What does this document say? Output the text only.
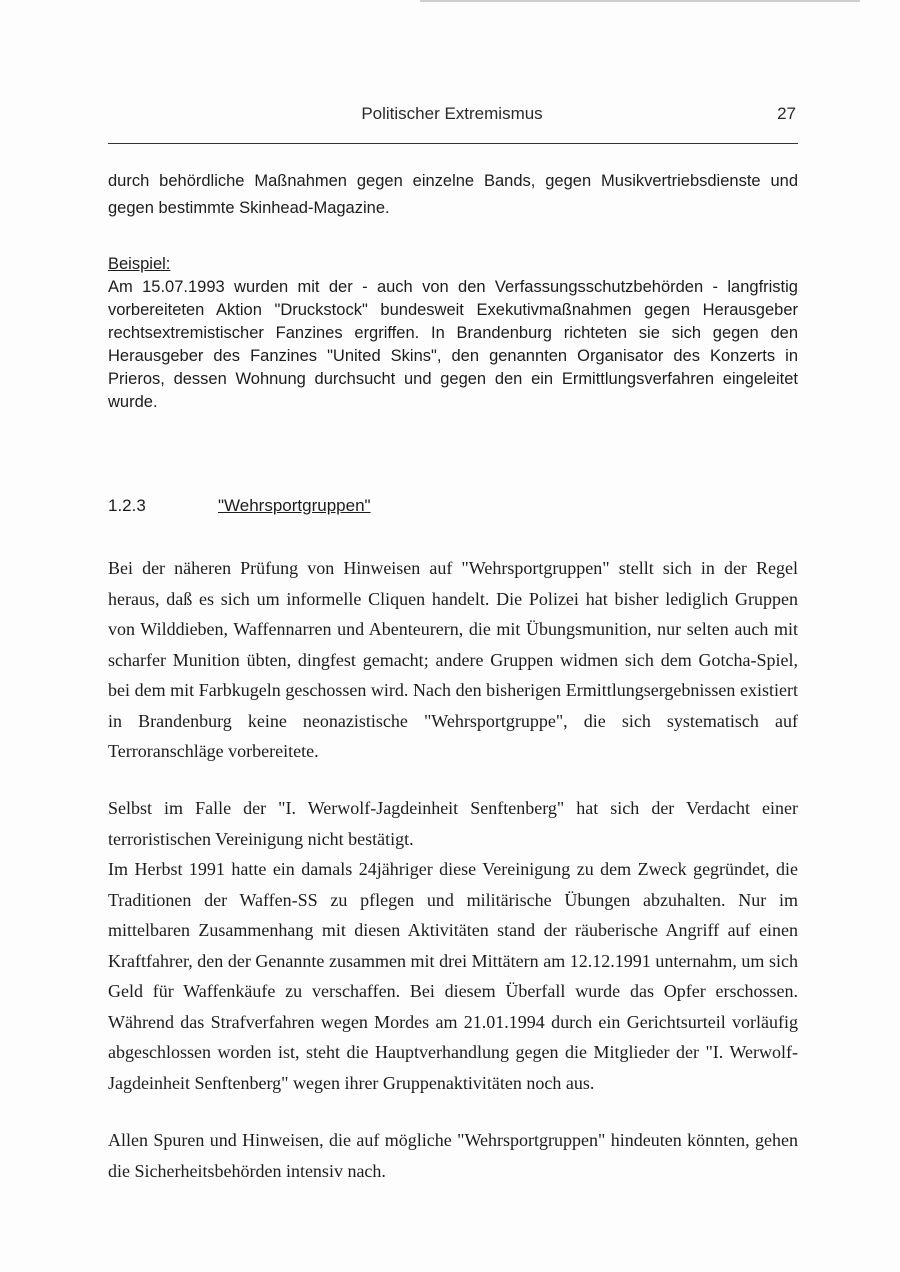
Politischer Extremismus	27

durch behördliche Maßnahmen gegen einzelne Bands, gegen Musikvertriebsdienste und gegen bestimmte Skinhead-Magazine.

Beispiel:

Am 15.07.1993 wurden mit der - auch von den Verfassungsschutzbehörden - langfristig vorbereiteten Aktion "Druckstock" bundesweit Exekutivmaßnahmen gegen Herausgeber rechtsextremistischer Fanzines ergriffen. In Brandenburg richteten sie sich gegen den Herausgeber des Fanzines "United Skins", den genannten Organisator des Konzerts in Prieros, dessen Wohnung durchsucht und gegen den ein Ermittlungsverfahren eingeleitet wurde.

1.2.3	"Wehrsportgruppen"

Bei der näheren Prüfung von Hinweisen auf "Wehrsportgruppen" stellt sich in der Regel heraus, daß es sich um informelle Cliquen handelt. Die Polizei hat bisher lediglich Gruppen von Wilddieben, Waffennarren und Abenteurern, die mit Übungsmunition, nur selten auch mit scharfer Munition übten, dingfest gemacht; andere Gruppen widmen sich dem Gotcha-Spiel, bei dem mit Farbkugeln geschossen wird. Nach den bisherigen Ermittlungsergebnissen existiert in Brandenburg keine neonazistische "Wehrsportgruppe", die sich systematisch auf Terroranschläge vorbereitete.

Selbst im Falle der "I. Werwolf-Jagdeinheit Senftenberg" hat sich der Verdacht einer terroristischen Vereinigung nicht bestätigt.

Im Herbst 1991 hatte ein damals 24jähriger diese Vereinigung zu dem Zweck gegründet, die Traditionen der Waffen-SS zu pflegen und militärische Übungen abzuhalten. Nur im mittelbaren Zusammenhang mit diesen Aktivitäten stand der räuberische Angriff auf einen Kraftfahrer, den der Genannte zusammen mit drei Mittätern am 12.12.1991 unternahm, um sich Geld für Waffenkäufe zu verschaffen. Bei diesem Überfall wurde das Opfer erschossen. Während das Strafverfahren wegen Mordes am 21.01.1994 durch ein Gerichtsurteil vorläufig abgeschlossen worden ist, steht die Hauptverhandlung gegen die Mitglieder der "I. Werwolf-Jagdeinheit Senftenberg" wegen ihrer Gruppenaktivitäten noch aus.

Allen Spuren und Hinweisen, die auf mögliche "Wehrsportgruppen" hindeuten könnten, gehen die Sicherheitsbehörden intensiv nach.
